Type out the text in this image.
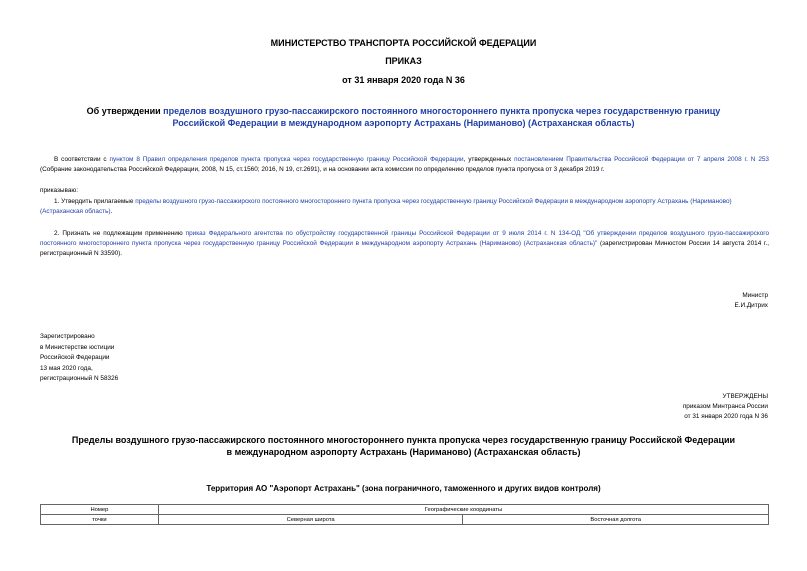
МИНИСТЕРСТВО ТРАНСПОРТА РОССИЙСКОЙ ФЕДЕРАЦИИ
ПРИКАЗ
от 31 января 2020 года N 36
Об утверждении пределов воздушного грузо-пассажирского постоянного многостороннего пункта пропуска через государственную границу Российской Федерации в международном аэропорту Астрахань (Нариманово) (Астраханская область)
В соответствии с пунктом 8 Правил определения пределов пункта пропуска через государственную границу Российской Федерации, утвержденных постановлением Правительства Российской Федерации от 7 апреля 2008 г. N 253 (Собрание законодательства Российской Федерации, 2008, N 15, ст.1560; 2016, N 19, ст.2691), и на основании акта комиссии по определению пределов пункта пропуска от 3 декабря 2019 г.
приказываю:
1. Утвердить прилагаемые пределы воздушного грузо-пассажирского постоянного многостороннего пункта пропуска через государственную границу Российской Федерации в международном аэропорту Астрахань (Нариманово) (Астраханская область).
2. Признать не подлежащим применению приказ Федерального агентства по обустройству государственной границы Российской Федерации от 9 июля 2014 г. N 134-ОД "Об утверждении пределов воздушного грузо-пассажирского постоянного многостороннего пункта пропуска через государственную границу Российской Федерации в международном аэропорту Астрахань (Нариманово) (Астраханская область)" (зарегистрирован Минюстом России 14 августа 2014 г., регистрационный N 33590).
Министр
Е.И.Дитрих
Зарегистрировано
в Министерстве юстиции
Российской Федерации
13 мая 2020 года,
регистрационный N 58326
УТВЕРЖДЕНЫ
приказом Минтранса России
от 31 января 2020 года N 36
Пределы воздушного грузо-пассажирского постоянного многостороннего пункта пропуска через государственную границу Российской Федерации в международном аэропорту Астрахань (Нариманово) (Астраханская область)
Территория АО "Аэропорт Астрахань" (зона пограничного, таможенного и других видов контроля)
Номер	Географические координаты	
точки	Северная широта	Восточная долгота
